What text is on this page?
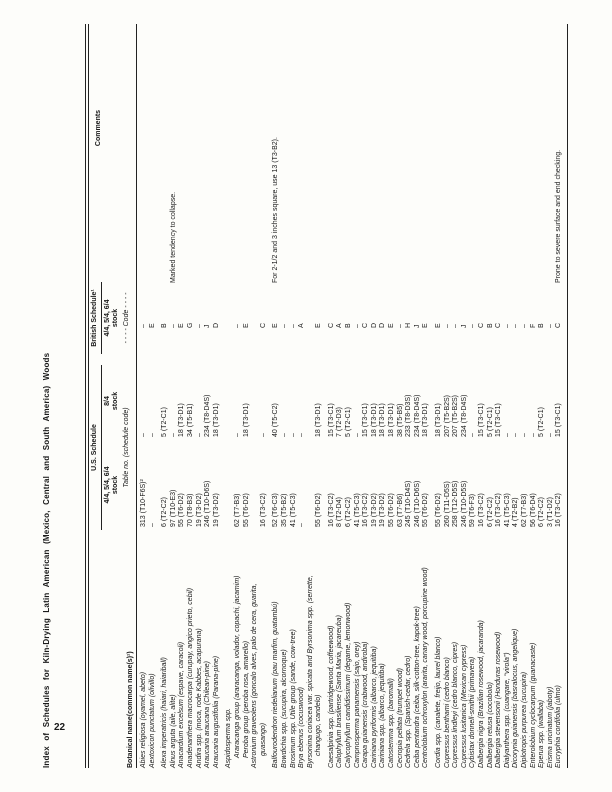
Index of Schedules for Kiln-Drying Latin American (Mexico, Central and South America) Woods	U.S. Schedule
British Schedule¹
4/4, 5/4, 6/4 stock
8/4 stock
4/4, 5/4, 6/4 stock
Botanical name(common name(s)¹)
Comments
Table no. (schedule code)
- - - - Code - - - -
Abies religiosa (oyamel, abeto)
313 (T10-F6S)²
–
–
Aextoxicon punctatum (olivillo)
–
–
E
Alexa imperatricis (haiari, haiariball)
6 (T2-C2)
5 (T2-C1)
B
Alnus arguta (aile, alite)
97 (T10-E3)
–
–
Marked tendency to collapse.
Anacardium excelsum (espave, caracoli)
55 (T6-D2)
18 (T3-D1)
E
Anadenanthera macrocarpa (curupay, angico prieto, cebil)
70 (T8-B3)
34 (T5-B1)
G
Andira spp. (moca, rode Kabbes, acapurana)
19 (T3-D2)
–
–
Araucaria araucana (Chilean-pine)
246 (T10-D6S)
234 (T8-D4S)
J
Araucaria augustifolia (Parana-pine)
19 (T3-D2)
18 (T3-D1)
D
Aspidosperma spp. Araracanga group (araracanga, volador, copachi, jacamim)
62 (T7-B3)
–
–
Peroba group (peroba rosa, amarello)
55 (T6-D2)
18 (T3-D1)
E
Astronium graveolens (goncalo alves, palo de cera, guarita, guasango)
16 (T3-C2)
–
C
Balfourodendron riedelianum (pau marfim, guatambú)
52 (T6-C3)
40 (T5-C2)
E
For 2-1/2 and 3 inches square, use 13 (T3-B2).
Bowdichia spp. (sucupira, alcornoque)
35 (T5-B2)
–
–
Brosimum spp. Utile group (sande, cow-tree)
41 (T5-C3)
–
–
Brya ebenus (cocuswood)
–
–
A
Byrsonima coriacea var. spicata and Byrsonima spp. (serrette, changugo, candelo)
55 (T6-D2)
18 (T3-D1)
E
Caesalpinia spp. (partridgewood, coffeewood)
16 (T3-C2)
15 (T3-C1)
C
Calophyllum brasiliense (Santa Maria, jacareuba)
8 (T2-D4)
7 (T2-D3)
A
Calycophyllum candidissimum (degame, lemonwood)
6 (T2-C2)
5 (T2-C1)
B
Campnosperma panamensis (sajo, orey)
41 (T5-C3)
–
–
Carapa guianensis (crabwood, andiroba)
16 (T3-C2)
15 (T3-C1)
C
Cariniana pyriformis (albarco, jequitiba)
19 (T3-D2)
18 (T3-D1)
D
Cariniana spp. (albarco, jequitiba)
19 (T3-D2)
18 (T3-D1)
D
Catostemma spp. (baromalli)
55 (T6-D2)
18 (T3-D1)
E
Cecropia peltata (trumpet wood)
63 (T7-B6)
38 (T5-B5)
–
Cedrela spp. (Spanish-cedar, cedro)
245 (T10-D4S)
233 (T8-D3S)
H
Ceiba pentandra (ceiba, silk-cotton-tree, kapok-tree)
246 (T10-D6S)
234 (T8-D4S)
J
Centrolobium ochroxylon (ararita, canary wood, porcupine wood)
55 (T6-D2)
18 (T3-D1)
E
Cordia spp. (canalete, freijo, laurel blanco)
55 (T6-D2)
18 (T3-D1)
E
Cupressus benthami (cedro blanco)
260 (T11-D5S)
207 (T5-B2S)
–
Cupressus lindleyi (cedro blanco, cipres)
258 (T12-D5S)
207 (T5-B2S)
–
Cupressus lusitanica (Mexican cypress)
246 (T10-D5S)
234 (T8-D4S)
J
Cybistax donnell-smithii (primavera)
59 (T6-F3)
–
–
Dalbergia nigra (Brazilian rosewood, jacaranda)
16 (T3-C2)
15 (T3-C1)
C
Dalbergia retusa (cocobolo)
6 (T2-C2)
5 (T2-C1)
B
Dalbergia stevensonii (Honduras rosewood)
16 (T3-C2)
15 (T3-C1)
C
Dialyanthera spp. (cuangare, “virola”)
41 (T5-C3)
–
–
Dicorynia guianensis (basralocus, angelique)
4 (T2-B2)
–
–
Diplotropis purpurea (sucupira)
62 (T7-B3)
–
–
Enterolobium cyclocarpum (guanacaste)
56 (T6-D4)
–
F
Eperua spp. (wallaba)
6 (T2-C2)
5 (T2-C1)
B
Erisma uncinatum (jaboty)
3 (T1-D2)
–
–
Eucryphia cordifolia (ulmo)
16 (T3-C2)
15 (T3-C1)
C
Prone to severe surface and end checking.
22
